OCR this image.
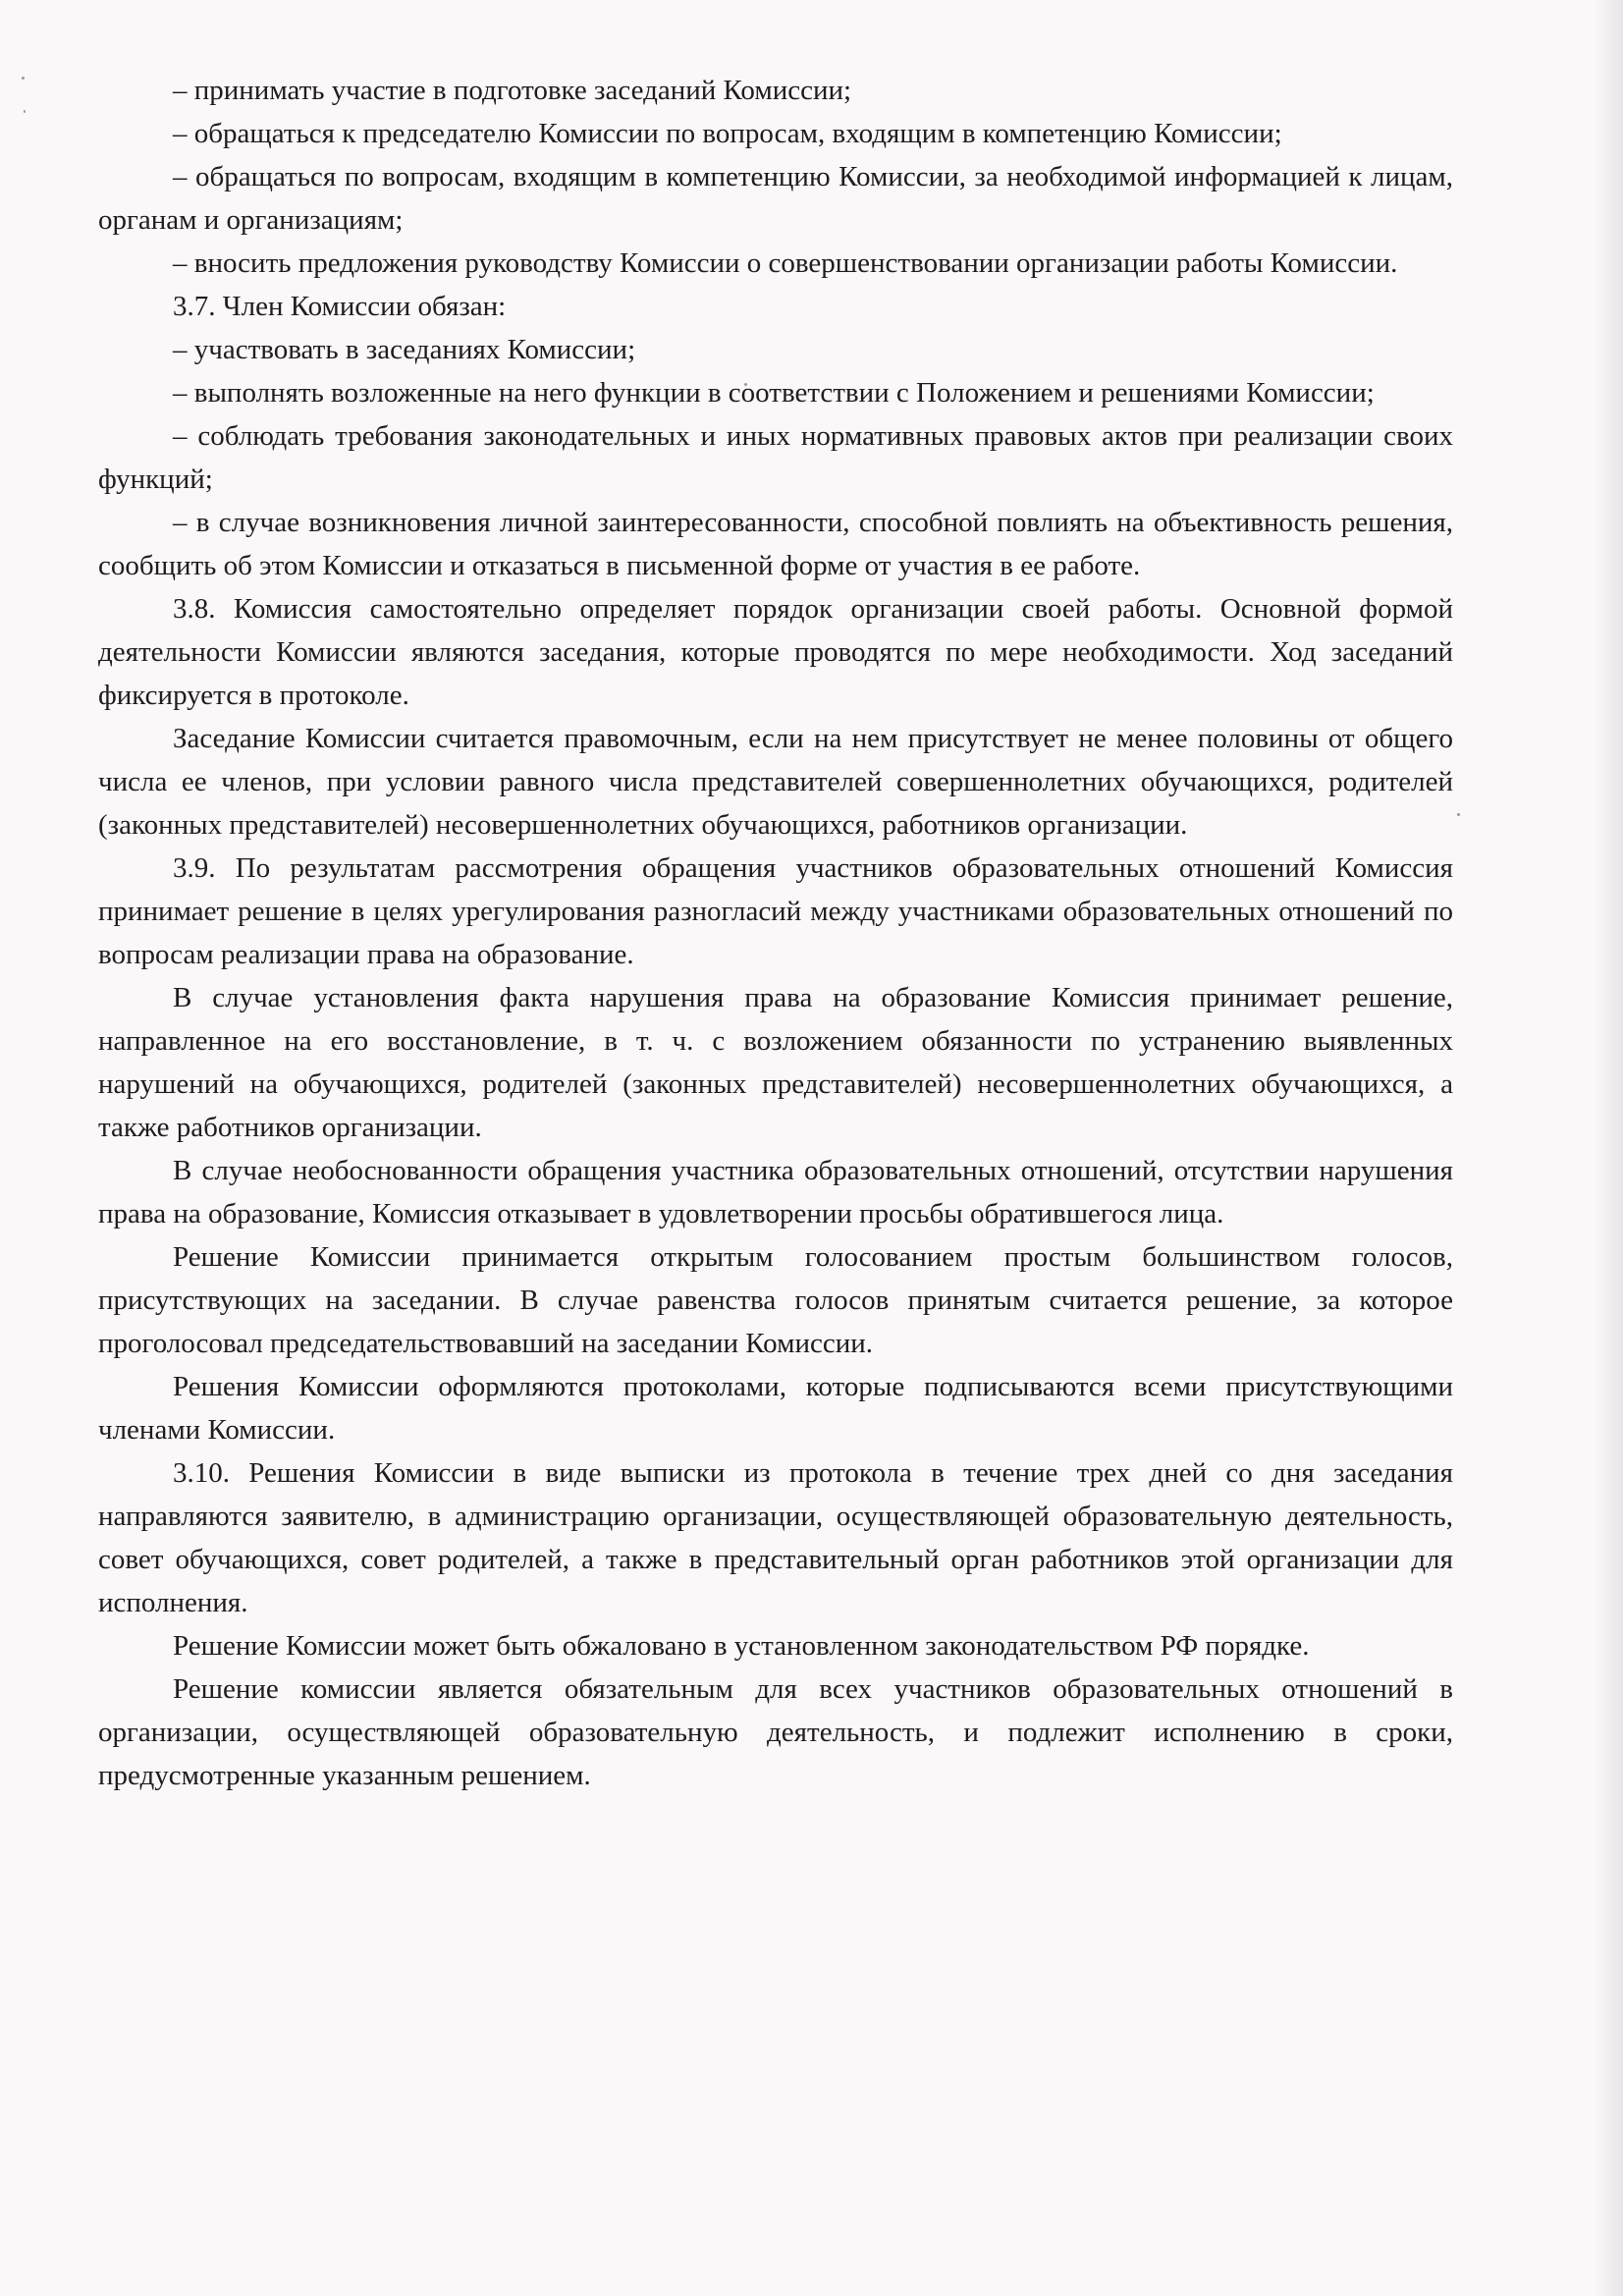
– принимать участие в подготовке заседаний Комиссии;

– обращаться к председателю Комиссии по вопросам, входящим в компетенцию Комиссии;

– обращаться по вопросам, входящим в компетенцию Комиссии, за необходимой информацией к лицам, органам и организациям;

– вносить предложения руководству Комиссии о совершенствовании организации работы Комиссии.

3.7. Член Комиссии обязан:

– участвовать в заседаниях Комиссии;

– выполнять возложенные на него функции в соответствии с Положением и решениями Комиссии;

– соблюдать требования законодательных и иных нормативных правовых актов при реализации своих функций;

– в случае возникновения личной заинтересованности, способной повлиять на объективность решения, сообщить об этом Комиссии и отказаться в письменной форме от участия в ее работе.

3.8. Комиссия самостоятельно определяет порядок организации своей работы. Основной формой деятельности Комиссии являются заседания, которые проводятся по мере необходимости. Ход заседаний фиксируется в протоколе.

Заседание Комиссии считается правомочным, если на нем присутствует не менее половины от общего числа ее членов, при условии равного числа представителей совершеннолетних обучающихся, родителей (законных представителей) несовершеннолетних обучающихся, работников организации.

3.9. По результатам рассмотрения обращения участников образовательных отношений Комиссия принимает решение в целях урегулирования разногласий между участниками образовательных отношений по вопросам реализации права на образование.

В случае установления факта нарушения права на образование Комиссия принимает решение, направленное на его восстановление, в т. ч. с возложением обязанности по устранению выявленных нарушений на обучающихся, родителей (законных представителей) несовершеннолетних обучающихся, а также работников организации.

В случае необоснованности обращения участника образовательных отношений, отсутствии нарушения права на образование, Комиссия отказывает в удовлетворении просьбы обратившегося лица.

Решение Комиссии принимается открытым голосованием простым большинством голосов, присутствующих на заседании. В случае равенства голосов принятым считается решение, за которое проголосовал председательствовавший на заседании Комиссии.

Решения Комиссии оформляются протоколами, которые подписываются всеми присутствующими членами Комиссии.

3.10. Решения Комиссии в виде выписки из протокола в течение трех дней со дня заседания направляются заявителю, в администрацию организации, осуществляющей образовательную деятельность, совет обучающихся, совет родителей, а также в представительный орган работников этой организации для исполнения.

Решение Комиссии может быть обжаловано в установленном законодательством РФ порядке.

Решение комиссии является обязательным для всех участников образовательных отношений в организации, осуществляющей образовательную деятельность, и подлежит исполнению в сроки, предусмотренные указанным решением.
